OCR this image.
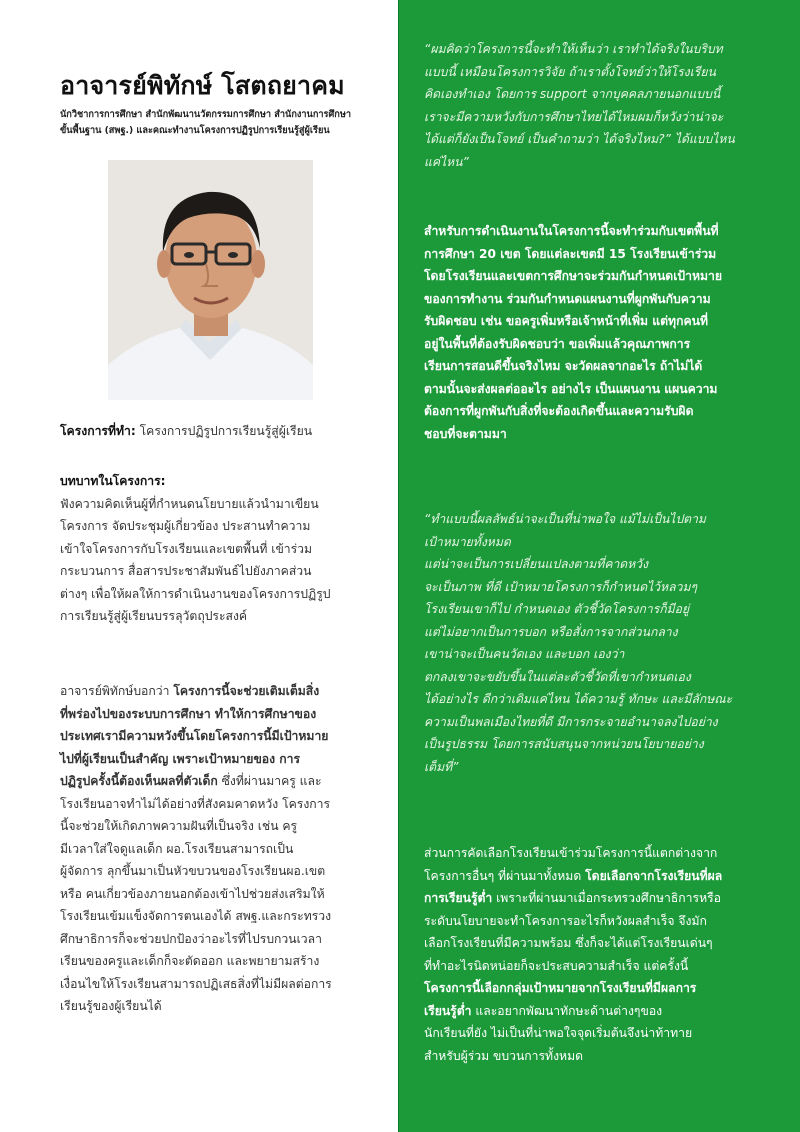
อาจารย์พิทักษ์ โสตถยาคม
นักวิชาการการศึกษา สำนักพัฒนานวัตกรรมการศึกษา สำนักงานการศึกษา
ขั้นพื้นฐาน (สพฐ.) และคณะทำงานโครงการปฏิรูปการเรียนรู้สู่ผู้เรียน
โครงการที่ทำ: โครงการปฏิรูปการเรียนรู้สู่ผู้เรียน
บทบาทในโครงการ:
ฟังความคิดเห็นผู้ที่กำหนดนโยบายแล้วนำมาเขียน
โครงการ จัดประชุมผู้เกี่ยวข้อง ประสานทำความ
เข้าใจโครงการกับโรงเรียนและเขตพื้นที่ เข้าร่วม
กระบวนการ สื่อสารประชาสัมพันธ์ไปยังภาคส่วน
ต่างๆ เพื่อให้ผลให้การดำเนินงานของโครงการปฏิรูป
การเรียนรู้สู่ผู้เรียนบรรลุวัตถุประสงค์
อาจารย์พิทักษ์บอกว่า โครงการนี้จะช่วยเติมเต็มสิ่ง
ที่พร่องไปของระบบการศึกษา ทำให้การศึกษาของ
ประเทศเรามีความหวังขึ้นโดยโครงการนี้มีเป้าหมาย
ไปที่ผู้เรียนเป็นสำคัญ เพราะเป้าหมายของ การ
ปฏิรูปครั้งนี้ต้องเห็นผลที่ตัวเด็ก ซึ่งที่ผ่านมาครู และ
โรงเรียนอาจทำไม่ได้อย่างที่สังคมคาดหวัง โครงการ
นี้จะช่วยให้เกิดภาพความฝันที่เป็นจริง เช่น ครู
มีเวลาใส่ใจดูแลเด็ก ผอ.โรงเรียนสามารถเป็น
ผู้จัดการ ลุกขึ้นมาเป็นหัวขบวนของโรงเรียนผอ.เขต
หรือ คนเกี่ยวข้องภายนอกต้องเข้าไปช่วยส่งเสริมให้
โรงเรียนเข้มแข็งจัดการตนเองได้ สพฐ.และกระทรวง
ศึกษาธิการก็จะช่วยปกป้องว่าอะไรที่ไปรบกวนเวลา
เรียนของครูและเด็กก็จะตัดออก และพยายามสร้าง
เงื่อนไขให้โรงเรียนสามารถปฏิเสธสิ่งที่ไม่มีผลต่อการ
เรียนรู้ของผู้เรียนได้
“ผมคิดว่าโครงการนี้จะทำให้เห็นว่า เราทำได้จริงในบริบท
แบบนี้ เหมือนโครงการวิจัย ถ้าเราตั้งโจทย์ว่าให้โรงเรียน
คิดเองทำเอง โดยการ support จากบุคคลภายนอกแบบนี้
เราจะมีความหวังกับการศึกษาไทยได้ไหมผมก็หวังว่าน่าจะ
ได้แต่ก็ยังเป็นโจทย์ เป็นคำถามว่า ได้จริงไหม?” ได้แบบไหน
แค่ไหน”
สำหรับการดำเนินงานในโครงการนี้จะทำร่วมกับเขตพื้นที่
การศึกษา 20 เขต โดยแต่ละเขตมี 15 โรงเรียนเข้าร่วม
โดยโรงเรียนและเขตการศึกษาจะร่วมกันกำหนดเป้าหมาย
ของการทำงาน ร่วมกันกำหนดแผนงานที่ผูกพันกับความ
รับผิดชอบ เช่น ขอครูเพิ่มหรือเจ้าหน้าที่เพิ่ม แต่ทุกคนที่
อยู่ในพื้นที่ต้องรับผิดชอบว่า ขอเพิ่มแล้วคุณภาพการ
เรียนการสอนดีขึ้นจริงไหม จะวัดผลจากอะไร ถ้าไม่ได้
ตามนั้นจะส่งผลต่ออะไร อย่างไร เป็นแผนงาน แผนความ
ต้องการที่ผูกพันกับสิ่งที่จะต้องเกิดขึ้นและความรับผิด
ชอบที่จะตามมา
“ทำแบบนี้ผลลัพธ์น่าจะเป็นที่น่าพอใจ แม้ไม่เป็นไปตาม
เป้าหมายทั้งหมด
แต่น่าจะเป็นการเปลี่ยนแปลงตามที่คาดหวัง
จะเป็นภาพ ที่ดี เป้าหมายโครงการก็กำหนดไว้หลวมๆ
โรงเรียนเขาก็ไป กำหนดเอง ตัวชี้วัดโครงการก็มีอยู่
แต่ไม่อยากเป็นการบอก หรือสั่งการจากส่วนกลาง
เขาน่าจะเป็นคนวัดเอง และบอก เองว่า
ตกลงเขาจะขยับขึ้นในแต่ละตัวชี้วัดที่เขากำหนดเอง
ได้อย่างไร ดีกว่าเดิมแค่ไหน ได้ความรู้ ทักษะ และมีลักษณะ
ความเป็นพลเมืองไทยที่ดี มีการกระจายอำนาจลงไปอย่าง
เป็นรูปธรรม โดยการสนับสนุนจากหน่วยนโยบายอย่าง
เต็มที่”
ส่วนการคัดเลือกโรงเรียนเข้าร่วมโครงการนี้แตกต่างจาก
โครงการอื่นๆ ที่ผ่านมาทั้งหมด โดยเลือกจากโรงเรียนที่ผล
การเรียนรู้ต่ำ เพราะที่ผ่านมาเมื่อกระทรวงศึกษาธิการหรือ
ระดับนโยบายจะทำโครงการอะไรก็หวังผลสำเร็จ จึงมัก
เลือกโรงเรียนที่มีความพร้อม ซึ่งก็จะได้แต่โรงเรียนเด่นๆ
ที่ทำอะไรนิดหน่อยก็จะประสบความสำเร็จ แต่ครั้งนี้
โครงการนี้เลือกกลุ่มเป้าหมายจากโรงเรียนที่มีผลการ
เรียนรู้ต่ำ และอยากพัฒนาทักษะด้านต่างๆของ
นักเรียนที่ยัง ไม่เป็นที่น่าพอใจจุดเริ่มต้นจึงน่าท้าทาย
สำหรับผู้ร่วม ขบวนการทั้งหมด
